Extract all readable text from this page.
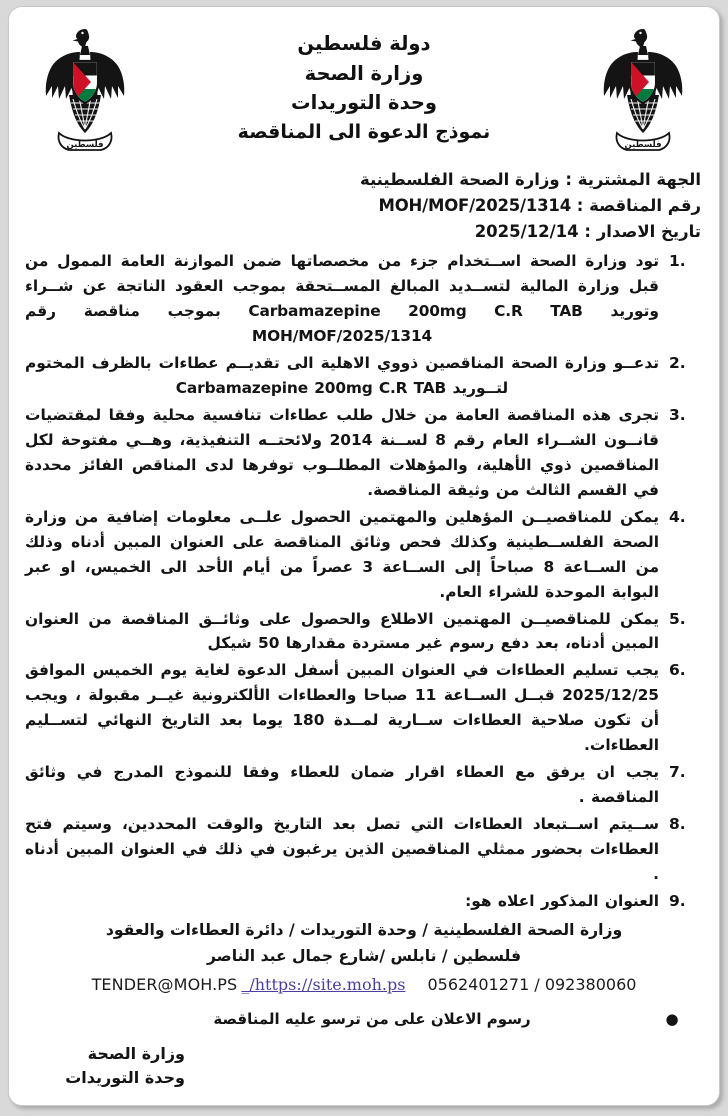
فلسطين
دولة فلسطين
وزارة الصحة
وحدة التوريدات
نموذج الدعوة الى المناقصة
فلسطين
الجهة المشترية : وزارة الصحة الفلسطينية
رقم المناقصة : MOH/MOF/2025/1314
تاريخ الاصدار : 2025/12/14
1.
تود وزارة الصحة اســتخدام جزء من مخصصاتها ضمن الموازنة العامة الممول من قبل وزارة المالية لتســديد المبالغ المســتحقة بموجب العقود الناتجة عن شــراء وتوريد Carbamazepine 200mg C.R TAB بموجب مناقصة رقم MOH/MOF/2025/1314
2.
تدعــو وزارة الصحة المناقصين ذووي الاهلية الى تقديــم عطاءات بالظرف المختوم لتــوريد Carbamazepine 200mg C.R TAB
3.
تجرى هذه المناقصة العامة من خلال طلب عطاءات تنافسية محلية وفقا لمقتضيات قانــون الشــراء العام رقم 8 لســنة 2014 ولائحتــه التنفيذية، وهــي مفتوحة لكل المناقصين ذوي الأهلية، والمؤهلات المطلــوب توفرها لدى المناقص الفائز محددة في القسم الثالث من وثيقة المناقصة.
4.
يمكن للمناقصيــن المؤهلين والمهتمين الحصول علــى معلومات إضافية من وزارة الصحة الفلســطينية وكذلك فحص وثائق المناقصة على العنوان المبين أدناه وذلك من الســاعة 8 صباحاً إلى الســاعة 3 عصراً من أيام الأحد الى الخميس، او عبر البوابة الموحدة للشراء العام.
5.
يمكن للمناقصيــن المهتمين الاطلاع والحصول على وثائــق المناقصة من العنوان المبين أدناه، بعد دفع رسوم غير مستردة مقدارها 50 شيكل
6.
يجب تسليم العطاءات في العنوان المبين أسفل الدعوة لغاية يوم الخميس الموافق 2025/12/25 قبــل الســاعة 11 صباحا والعطاءات الألكترونية غيــر مقبولة ، ويجب أن تكون صلاحية العطاءات ســارية لمــدة 180 يوما بعد التاريخ النهائي لتســليم العطاءات.
7.
يجب ان يرفق مع العطاء اقرار ضمان للعطاء وفقا للنموذج المدرج في وثائق المناقصة .
8.
ســيتم اســتبعاد العطاءات التي تصل بعد التاريخ والوقت المحددين، وسيتم فتح العطاءات بحضور ممثلي المناقصين الذين يرغبون في ذلك في العنوان المبين أدناه .
9.
العنوان المذكور اعلاه هو:
وزارة الصحة الفلسطينية / وحدة التوريدات / دائرة العطاءات والعقود
فلسطين / نابلس /شارع جمال عبد الناصر
TENDER@MOH.PS _/https://site.moh.ps 0562401271 / 092380060
●
رسوم الاعلان على من ترسو عليه المناقصة
وزارة الصحة
وحدة التوريدات
